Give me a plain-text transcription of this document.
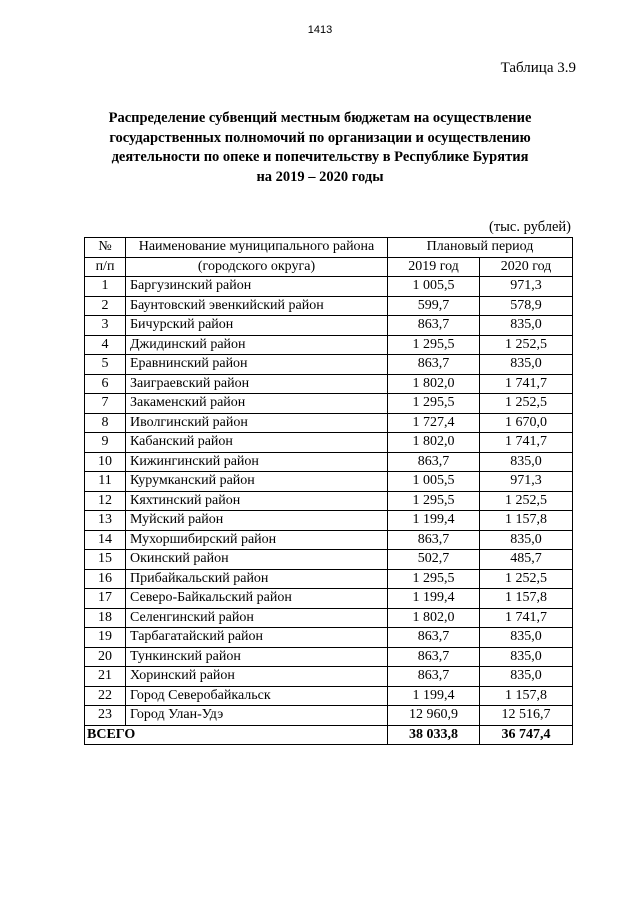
1413
Таблица 3.9
Распределение субвенций местным бюджетам на осуществление
государственных полномочий по организации и осуществлению
деятельности по опеке и попечительству в Республике Бурятия
на 2019 – 2020 годы
(тыс. рублей)
№	Наименование муниципального района	Плановый период	
п/п	(городского округа)	2019 год	2020 год
1	Баргузинский район	1 005,5	971,3
2	Баунтовский эвенкийский район	599,7	578,9
3	Бичурский район	863,7	835,0
4	Джидинский район	1 295,5	1 252,5
5	Еравнинский район	863,7	835,0
6	Заиграевский район	1 802,0	1 741,7
7	Закаменский район	1 295,5	1 252,5
8	Иволгинский район	1 727,4	1 670,0
9	Кабанский район	1 802,0	1 741,7
10	Кижингинский район	863,7	835,0
11	Курумканский район	1 005,5	971,3
12	Кяхтинский район	1 295,5	1 252,5
13	Муйский район	1 199,4	1 157,8
14	Мухоршибирский район	863,7	835,0
15	Окинский район	502,7	485,7
16	Прибайкальский район	1 295,5	1 252,5
17	Северо-Байкальский район	1 199,4	1 157,8
18	Селенгинский район	1 802,0	1 741,7
19	Тарбагатайский район	863,7	835,0
20	Тункинский район	863,7	835,0
21	Хоринский район	863,7	835,0
22	Город Северобайкальск	1 199,4	1 157,8
23	Город Улан-Удэ	12 960,9	12 516,7
ВСЕГО		38 033,8	36 747,4
